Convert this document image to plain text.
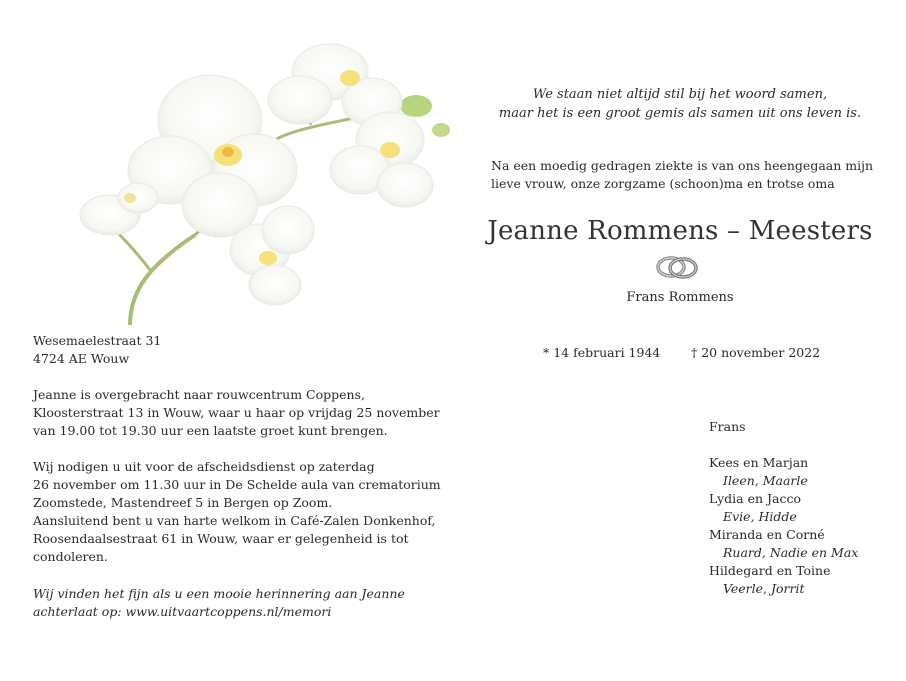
Wesemaelestraat 31
4724 AE Wouw
Jeanne is overgebracht naar rouwcentrum Coppens,
Kloosterstraat 13 in Wouw, waar u haar op vrijdag 25 november
van 19.00 tot 19.30 uur een laatste groet kunt brengen.
Wij nodigen u uit voor de afscheidsdienst op zaterdag
26 november om 11.30 uur in De Schelde aula van crematorium
Zoomstede, Mastendreef 5 in Bergen op Zoom.
Aansluitend bent u van harte welkom in Café-Zalen Donkenhof,
Roosendaalsestraat 61 in Wouw, waar er gelegenheid is tot
condoleren.
Wij vinden het fijn als u een mooie herinnering aan Jeanne
achterlaat op: www.uitvaartcoppens.nl/memori
We staan niet altijd stil bij het woord samen,
maar het is een groot gemis als samen uit ons leven is.
Na een moedig gedragen ziekte is van ons heengegaan mijn
lieve vrouw, onze zorgzame (schoon)ma en trotse oma
Jeanne Rommens – Meesters
Frans Rommens
* 14 februari 1944 † 20 november 2022
Frans
Kees en Marjan
Ileen, Maarle
Lydia en Jacco
Evie, Hidde
Miranda en Corné
Ruard, Nadie en Max
Hildegard en Toine
Veerle, Jorrit
